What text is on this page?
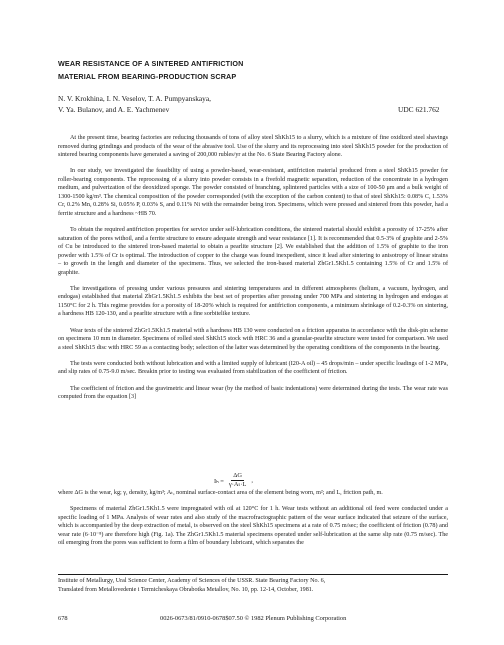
WEAR RESISTANCE OF A SINTERED ANTIFRICTION
MATERIAL FROM BEARING-PRODUCTION SCRAP
N. V. Krokhina, I. N. Veselov, T. A. Pumpyanskaya,
V. Ya. Bulanov, and A. E. Yachmenev	UDC 621.762

At the present time, bearing factories are reducing thousands of tons of alloy steel ShKh15 to a slurry, which is a mixture of fine oxidized steel shavings removed during grindings and products of the wear of the abrasive tool. Use of the slurry and its reprocessing into steel ShKh15 powder for the production of sintered bearing components have generated a saving of 200,000 rubles/yr at the No. 6 State Bearing Factory alone.

In our study, we investigated the feasibility of using a powder-based, wear-resistant, antifriction material produced from a steel ShKh15 powder for roller-bearing components. The reprocessing of a slurry into powder consists in a fivefold magnetic separation, reduction of the concentrate in a hydrogen medium, and pulverization of the deoxidized sponge. The powder consisted of branching, splintered particles with a size of 100-50 μm and a bulk weight of 1300-1500 kg/m³. The chemical composition of the powder corresponded (with the exception of the carbon content) to that of steel ShKh15: 0.08% C, 1.53% Cr, 0.2% Mn, 0.28% Si, 0.05% P, 0.03% S, and 0.11% Ni with the remainder being iron. Specimens, which were pressed and sintered from this powder, had a ferrite structure and a hardness ~HB 70.

To obtain the required antifriction properties for service under self-lubrication conditions, the sintered material should exhibit a porosity of 17-25% after saturation of the pores withoil, and a ferrite structure to ensure adequate strength and wear resistance [1]. It is recommended that 0.5-3% of graphite and 2-5% of Cu be introduced to the sintered iron-based material to obtain a pearlite structure [2]. We established that the addition of 1.5% of graphite to the iron powder with 1.5% of Cr is optimal. The introduction of copper to the charge was found inexpedient, since it lead after sintering to anisotropy of linear strains – to growth in the length and diameter of the specimens. Thus, we selected the iron-based material ZhGr1.5Kh1.5 containing 1.5% of Cr and 1.5% of graphite.

The investigations of pressing under various pressures and sintering temperatures and in different atmospheres (helium, a vacuum, hydrogen, and endogas) established that material ZhGr1.5Kh1.5 exhibits the best set of properties after pressing under 700 MPa and sintering in hydrogen and endogas at 1150°C for 2 h. This regime provides for a porosity of 18-20% which is required for antifriction components, a minimum shrinkage of 0.2-0.3% on sintering, a hardness HB 120-130, and a pearlite structure with a fine sorbitelike texture.

Wear texts of the sintered ZhGr1.5Kh1.5 material with a hardness HB 130 were conducted on a friction apparatus in accordance with the disk-pin scheme on specimens 10 mm in diameter. Specimens of rolled steel ShKh15 stock with HRC 36 and a granular-pearlite structure were tested for comparison. We used a steel ShKh15 disc with HRC 59 as a contacting body; selection of the latter was determined by the operating conditions of the components in the bearing.

The tests were conducted both without lubrication and with a limited supply of lubricant (I20-A oil) – 45 drops/min – under specific loadings of 1-2 MPa, and slip rates of 0.75-9.0 m/sec. Breakin prior to testing was evaluated from stabilization of the coefficient of friction.

The coefficient of friction and the gravimetric and linear wear (by the method of basic indentations) were determined during the tests. The wear rate was computed from the equation [3]

$I_h = \frac{\Delta G}{\text{γ·Aₜ·L}}$ ,

where ΔG is the wear, kg; γ, density, kg/m³; Aₜ, nominal surface-contact area of the element being worn, m²; and L, friction path, m.

Specimens of material ZhGr1.5Kh1.5 were impregnated with oil at 120°C for 1 h. Wear tests without an additional oil feed were conducted under a specific loading of 1 MPa. Analysis of wear rates and also study of the macrofractographic pattern of the wear surface indicated that seizure of the surface, which is accompanied by the deep extraction of metal, is observed on the steel ShKh15 specimens at a rate of 0.75 m/sec; the coefficient of friction (0.78) and wear rate (6·10⁻⁸) are therefore high (Fig. 1a). The ZhGr1.5Kh1.5 material specimens operated under self-lubrication at the same slip rate (0.75 m/sec). The oil emerging from the pores was sufficient to form a film of boundary lubricant, which separates the

Institute of Metallurgy, Ural Science Center, Academy of Sciences of the USSR. State Bearing Factory No. 6,

Translated from Metallovedenie i Termicheskaya Obrabotka Metallov, No. 10, pp. 12-14, October, 1981.

678	0026-0673/81/0910-0678$07.50 © 1982 Plenum Publishing Corporation
